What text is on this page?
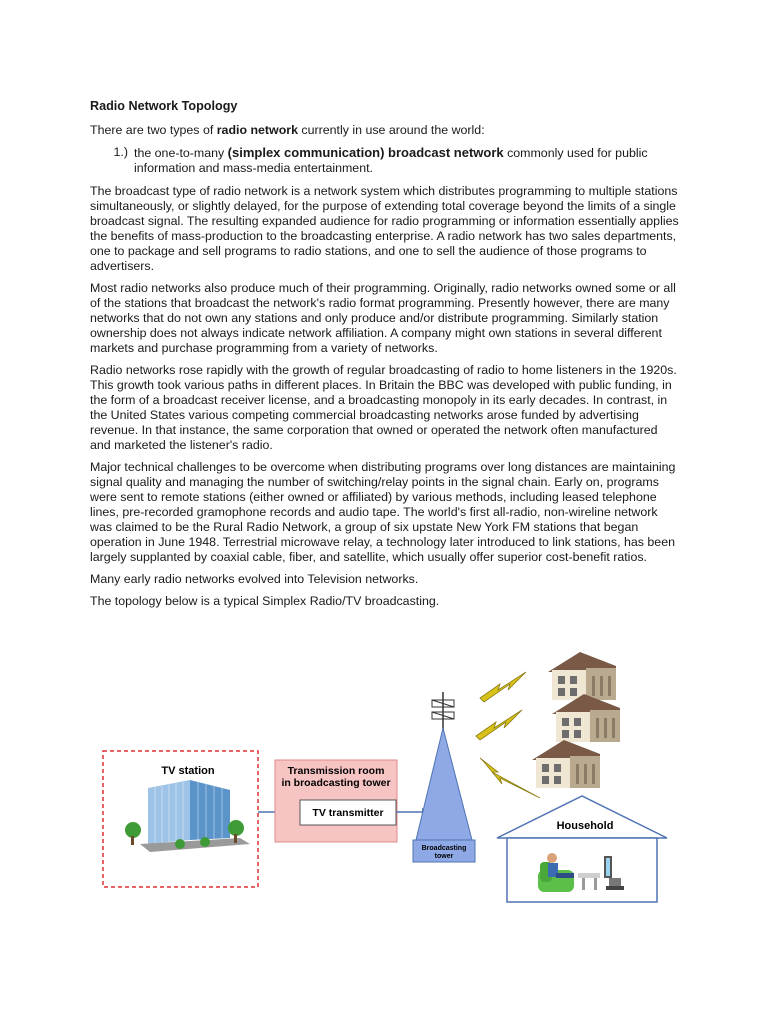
Radio Network Topology

There are two types of radio network currently in use around the world:

1.) the one-to-many (simplex communication) broadcast network commonly used for public information and mass-media entertainment.

The broadcast type of radio network is a network system which distributes programming to multiple stations simultaneously, or slightly delayed, for the purpose of extending total coverage beyond the limits of a single broadcast signal. The resulting expanded audience for radio programming or information essentially applies the benefits of mass-production to the broadcasting enterprise. A radio network has two sales departments, one to package and sell programs to radio stations, and one to sell the audience of those programs to advertisers.

Most radio networks also produce much of their programming. Originally, radio networks owned some or all of the stations that broadcast the network's radio format programming. Presently however, there are many networks that do not own any stations and only produce and/or distribute programming. Similarly station ownership does not always indicate network affiliation. A company might own stations in several different markets and purchase programming from a variety of networks.

Radio networks rose rapidly with the growth of regular broadcasting of radio to home listeners in the 1920s. This growth took various paths in different places. In Britain the BBC was developed with public funding, in the form of a broadcast receiver license, and a broadcasting monopoly in its early decades. In contrast, in the United States various competing commercial broadcasting networks arose funded by advertising revenue. In that instance, the same corporation that owned or operated the network often manufactured and marketed the listener's radio.

Major technical challenges to be overcome when distributing programs over long distances are maintaining signal quality and managing the number of switching/relay points in the signal chain. Early on, programs were sent to remote stations (either owned or affiliated) by various methods, including leased telephone lines, pre-recorded gramophone records and audio tape. The world's first all-radio, non-wireline network was claimed to be the Rural Radio Network, a group of six upstate New York FM stations that began operation in June 1948. Terrestrial microwave relay, a technology later introduced to link stations, has been largely supplanted by coaxial cable, fiber, and satellite, which usually offer superior cost-benefit ratios.

Many early radio networks evolved into Television networks.

The topology below is a typical Simplex Radio/TV broadcasting.

TV station	Transmission room
in broadcasting tower
TV transmitter
Broadcasting
tower
Household
